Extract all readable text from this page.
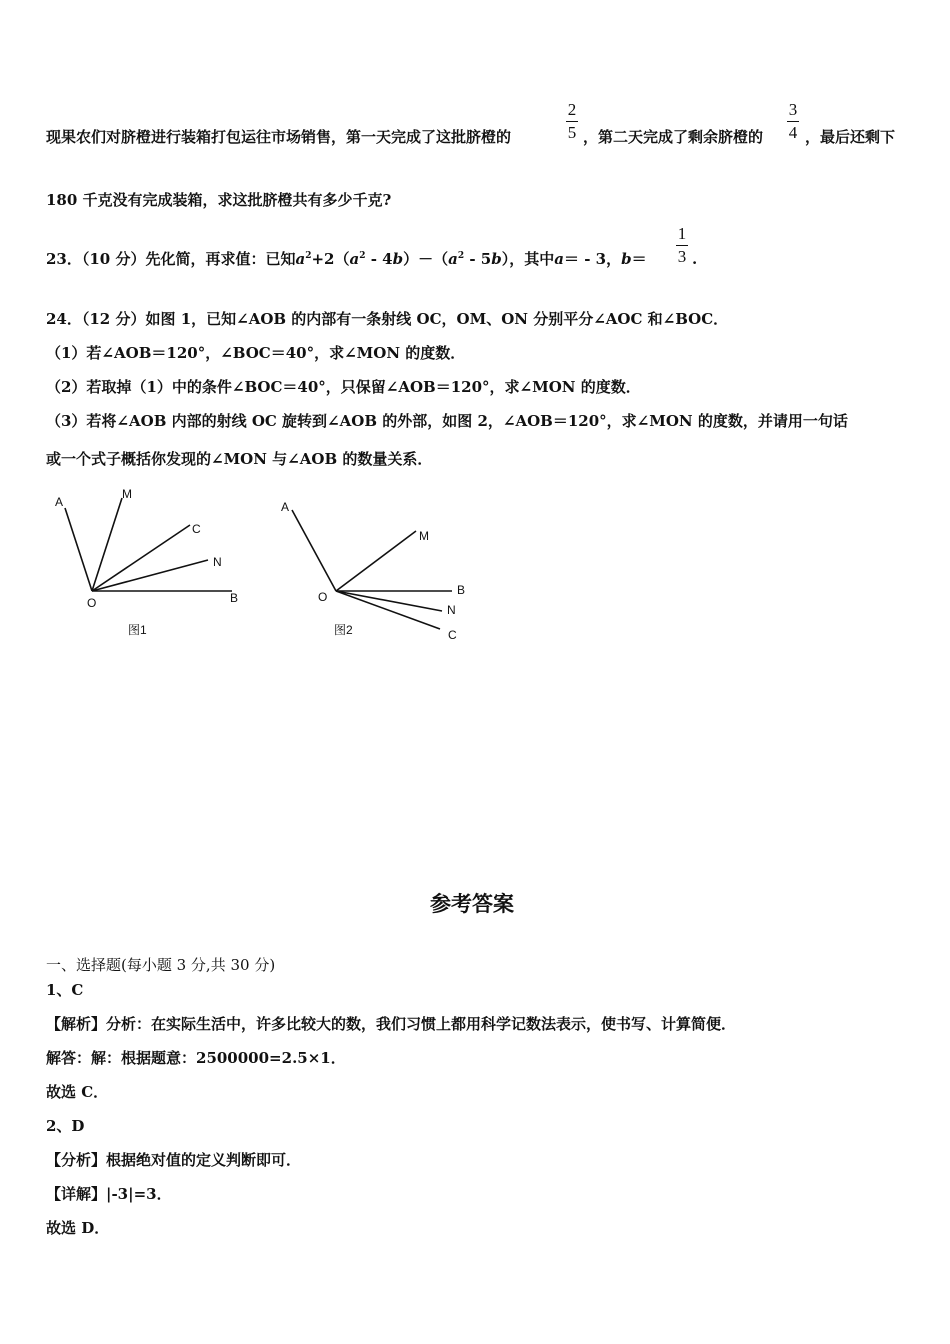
现果农们对脐橙进行装箱打包运往市场销售，第一天完成了这批脐橙的
2
5 ，第二天完成了剩余脐橙的
3
4 ，最后还剩下
180 千克没有完成装箱，求这批脐橙共有多少千克?
23．（10 分）先化简，再求值：已知$a^2+2(a^2 - 4b)-(a^2 - 5b)$，其中a＝ - 3，b＝
1
3 .
24．（12 分）如图 1，已知∠AOB 的内部有一条射线 OC，OM、ON 分别平分∠AOC 和∠BOC．
（1）若∠AOB＝120°，∠BOC＝40°，求∠MON 的度数．
（2）若取掉（1）中的条件∠BOC＝40°，只保留∠AOB＝120°，求∠MON 的度数．
（3）若将∠AOB 内部的射线 OC 旋转到∠AOB 的外部，如图 2，∠AOB＝120°，求∠MON 的度数，并请用一句话
或一个式子概括你发现的∠MON 与∠AOB 的数量关系．
A
M
C
N
O	B
图1
A
M
B
O
N
C
图2
参考答案
一、选择题(每小题 3 分,共 30 分)
1、C
【解析】分析：在实际生活中，许多比较大的数，我们习惯上都用科学记数法表示，使书写、计算简便．
解答：解：根据题意：2500000=2.5×1．
故选 C．
2、D
【分析】根据绝对值的定义判断即可．
【详解】|-3|=3．
故选 D．
